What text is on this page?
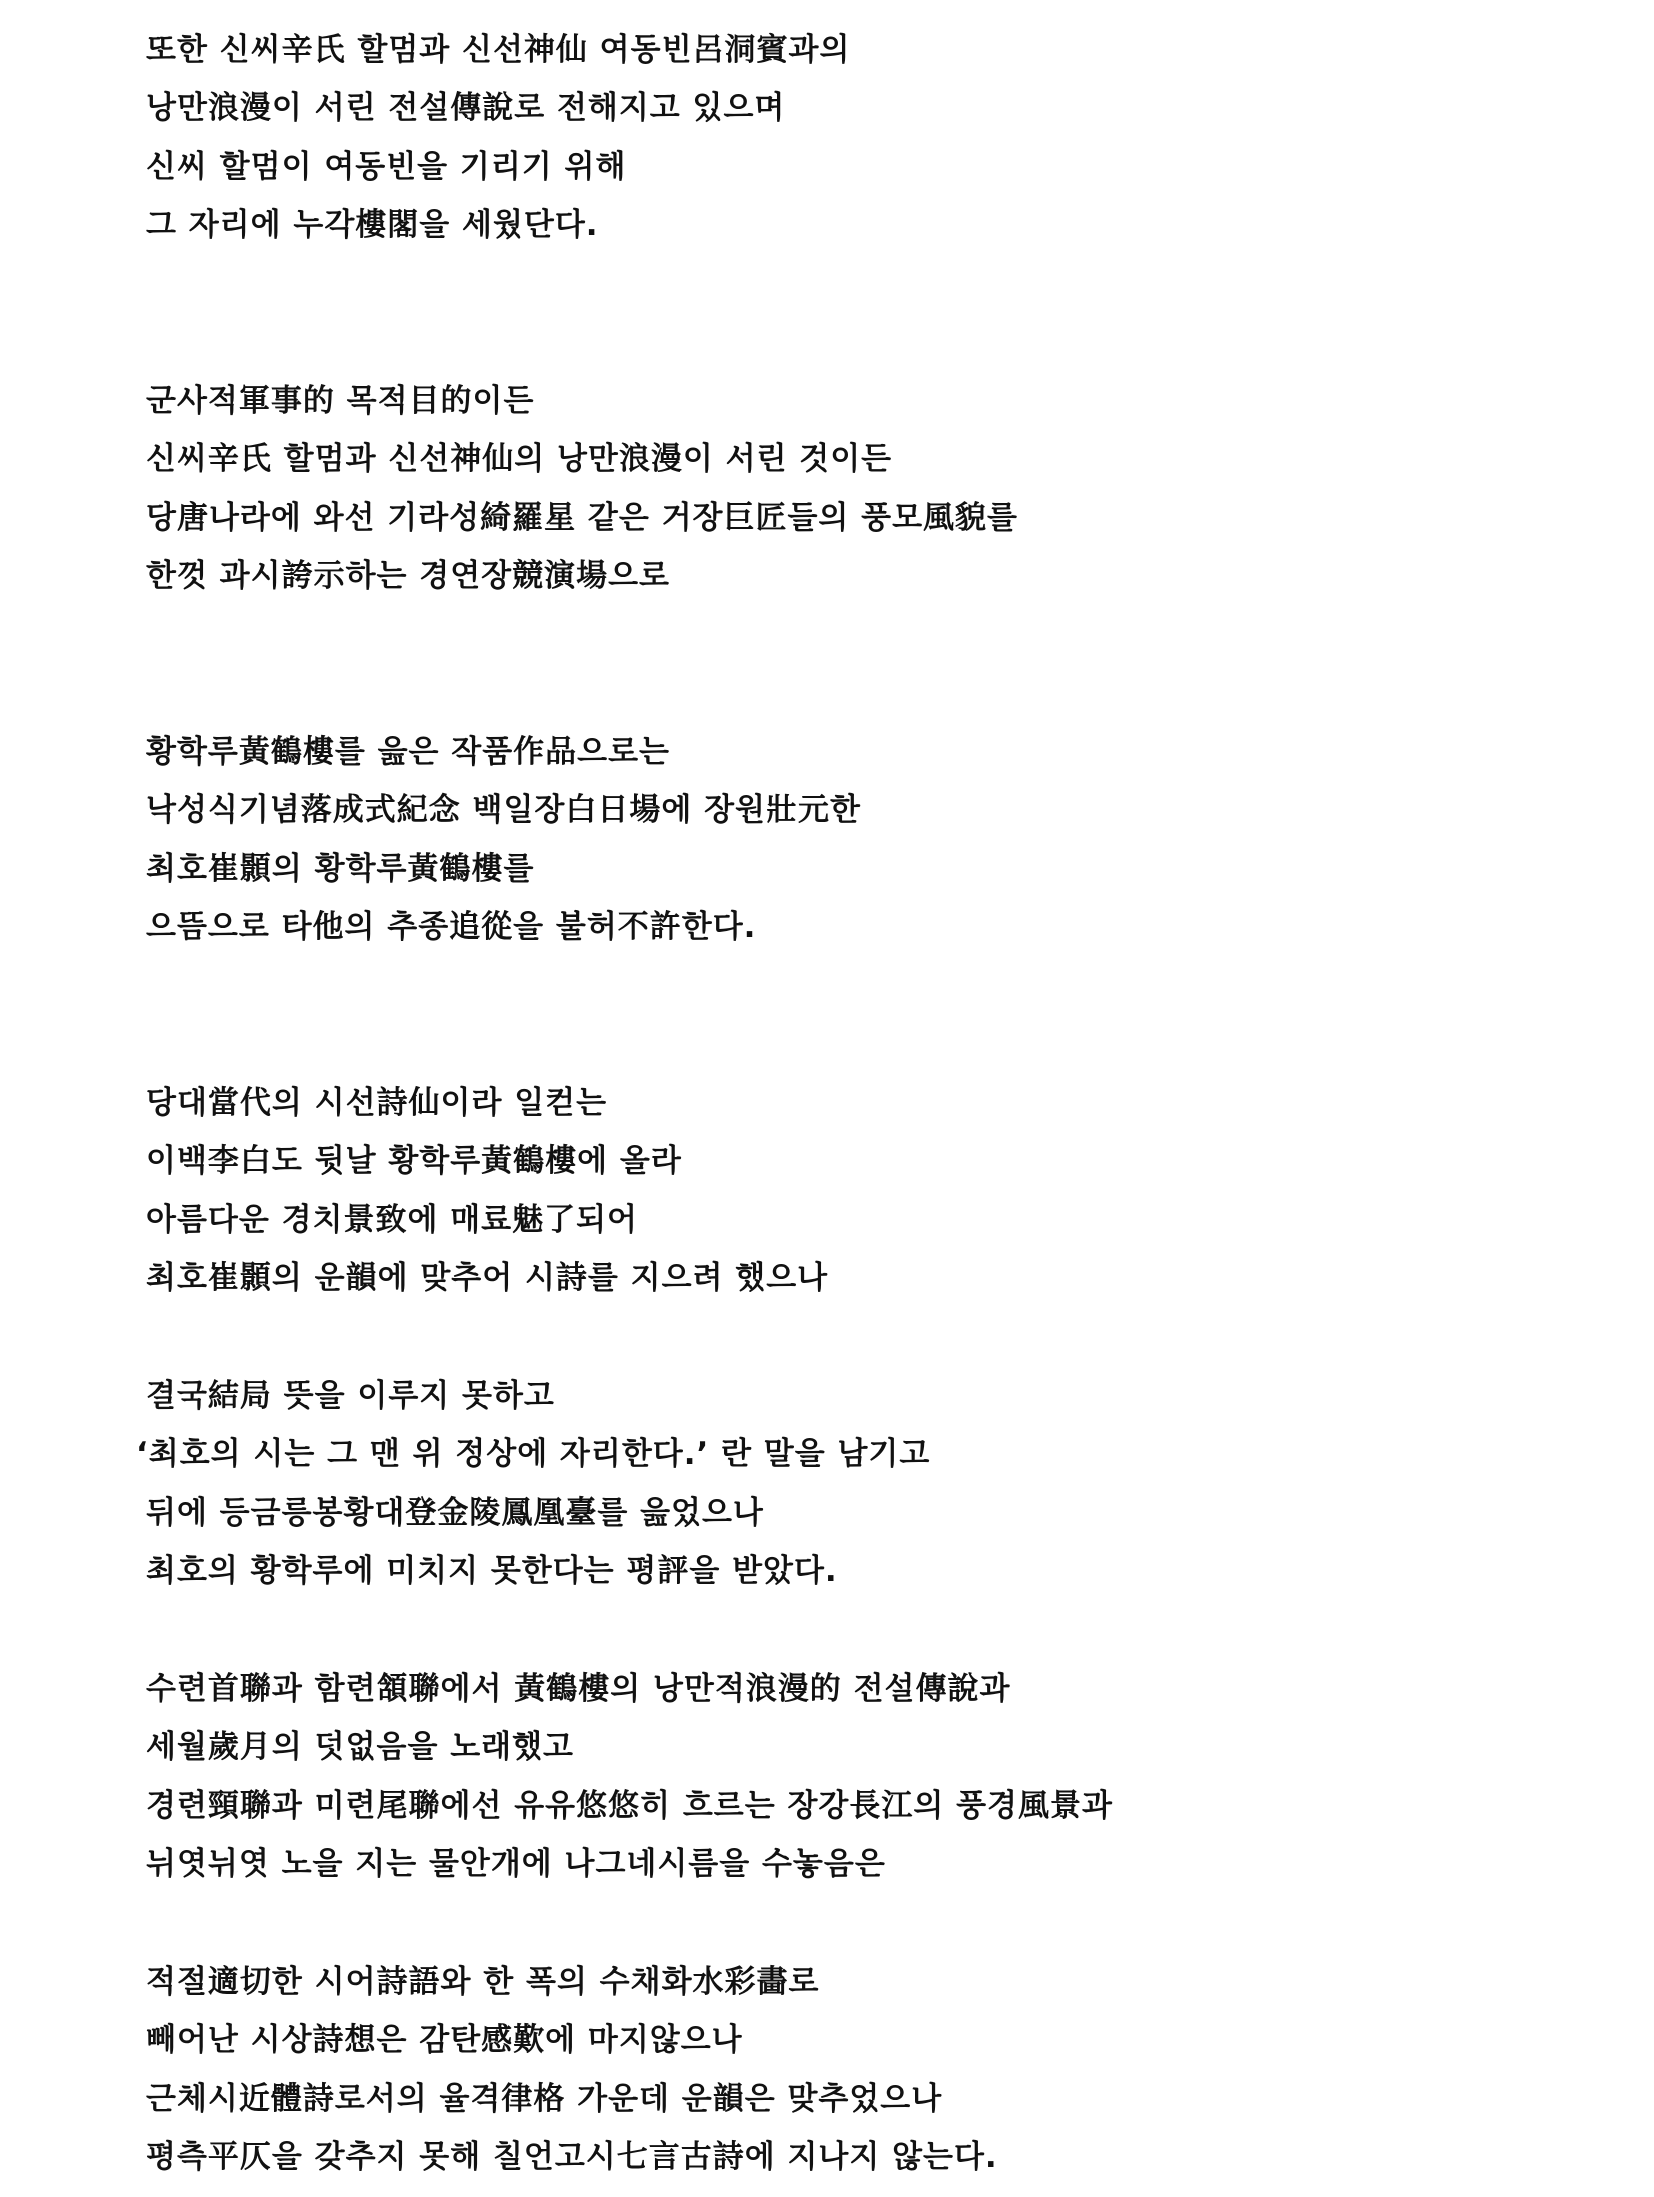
또한 신씨辛氏 할멈과 신선神仙 여동빈呂洞賓과의

낭만浪漫이 서린 전설傳說로 전해지고 있으며

신씨 할멈이 여동빈을 기리기 위해

그 자리에 누각樓閣을 세웠단다.

군사적軍事的 목적目的이든

신씨辛氏 할멈과 신선神仙의 낭만浪漫이 서린 것이든

당唐나라에 와선 기라성綺羅星 같은 거장巨匠들의 풍모風貌를

한껏 과시誇示하는 경연장競演場으로

황학루黃鶴樓를 읊은 작품作品으로는

낙성식기념落成式紀念 백일장白日場에 장원壯元한

최호崔顥의 황학루黃鶴樓를

으뜸으로 타他의 추종追從을 불허不許한다.

당대當代의 시선詩仙이라 일컫는

이백李白도 뒷날 황학루黃鶴樓에 올라

아름다운 경치景致에 매료魅了되어

최호崔顥의 운韻에 맞추어 시詩를 지으려 했으나

결국結局 뜻을 이루지 못하고

‘최호의 시는 그 맨 위 정상에 자리한다.’ 란 말을 남기고

뒤에 등금릉봉황대登金陵鳳凰臺를 읊었으나

최호의 황학루에 미치지 못한다는 평評을 받았다.

수련首聯과 함련頷聯에서 黃鶴樓의 낭만적浪漫的 전설傳說과

세월歲月의 덧없음을 노래했고

경련頸聯과 미련尾聯에선 유유悠悠히 흐르는 장강長江의 풍경風景과

뉘엿뉘엿 노을 지는 물안개에 나그네시름을 수놓음은

적절適切한 시어詩語와 한 폭의 수채화水彩畵로

빼어난 시상詩想은 감탄感歎에 마지않으나

근체시近體詩로서의 율격律格 가운데 운韻은 맞추었으나

평측平仄을 갖추지 못해 칠언고시七言古詩에 지나지 않는다.
